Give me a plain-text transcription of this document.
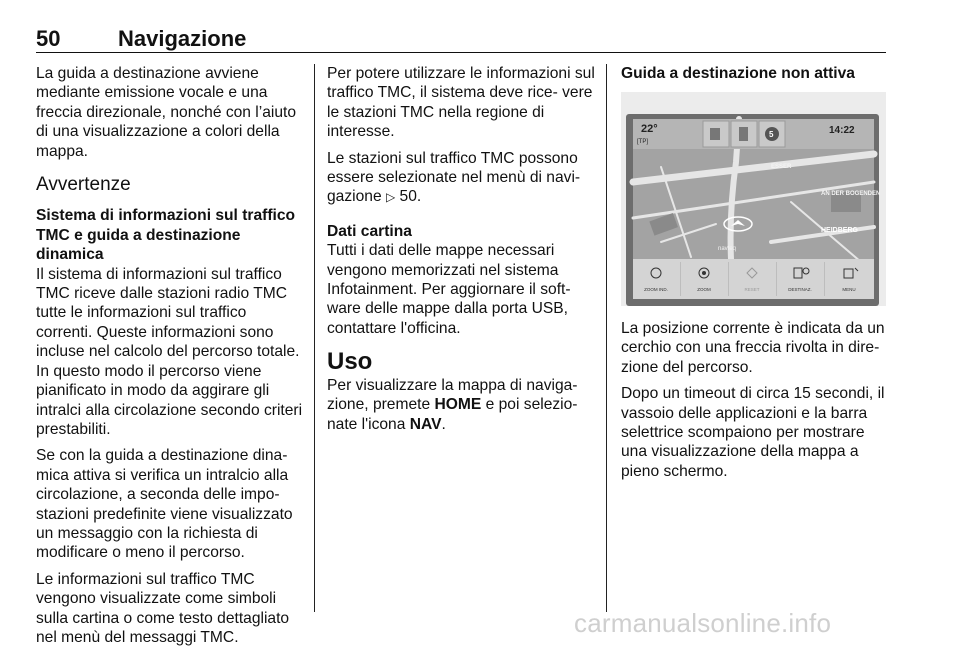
50	Navigazione

La guida a destinazione avviene mediante emissione vocale e una freccia direzionale, nonché con l’aiuto di una visualizzazione a colori della mappa.

Avvertenze
Sistema di informazioni sul traffico TMC e guida a destinazione dinamica

Il sistema di informazioni sul traffico TMC riceve dalle stazioni radio TMC tutte le informazioni sul traffico correnti. Queste informazioni sono incluse nel calcolo del percorso totale. In questo modo il percorso viene pianificato in modo da aggirare gli intralci alla circolazione secondo criteri prestabiliti.

Se con la guida a destinazione dina- mica attiva si verifica un intralcio alla circolazione, a seconda delle impo- stazioni predefinite viene visualizzato un messaggio con la richiesta di modificare o meno il percorso.

Le informazioni sul traffico TMC vengono visualizzate come simboli sulla cartina o come testo dettagliato nel menù del messaggi TMC.

Per potere utilizzare le informazioni sul traffico TMC, il sistema deve rice- vere le stazioni TMC nella regione di interesse.

Le stazioni sul traffico TMC possono essere selezionate nel menù di navi- gazione ▷ 50.

Dati cartina

Tutti i dati delle mappe necessari vengono memorizzati nel sistema Infotainment. Per aggiornare il soft- ware delle mappe dalla porta USB, contattare l'officina.

Uso

Per visualizzare la mappa di naviga- zione, premete HOME e poi selezio- nate l'icona NAV.

Guida a destinazione non attiva
ESSER
AN DER BOGENDEN
HEIDBERG
22°
[TP]
5	14:22
navteq
ZOOM IND.	ZOOM	RESET	DESTINAZ.	MENU

La posizione corrente è indicata da un cerchio con una freccia rivolta in dire- zione del percorso.

Dopo un timeout di circa 15 secondi, il vassoio delle applicazioni e la barra selettrice scompaiono per mostrare una visualizzazione della mappa a pieno schermo.

carmanualsonline.info
